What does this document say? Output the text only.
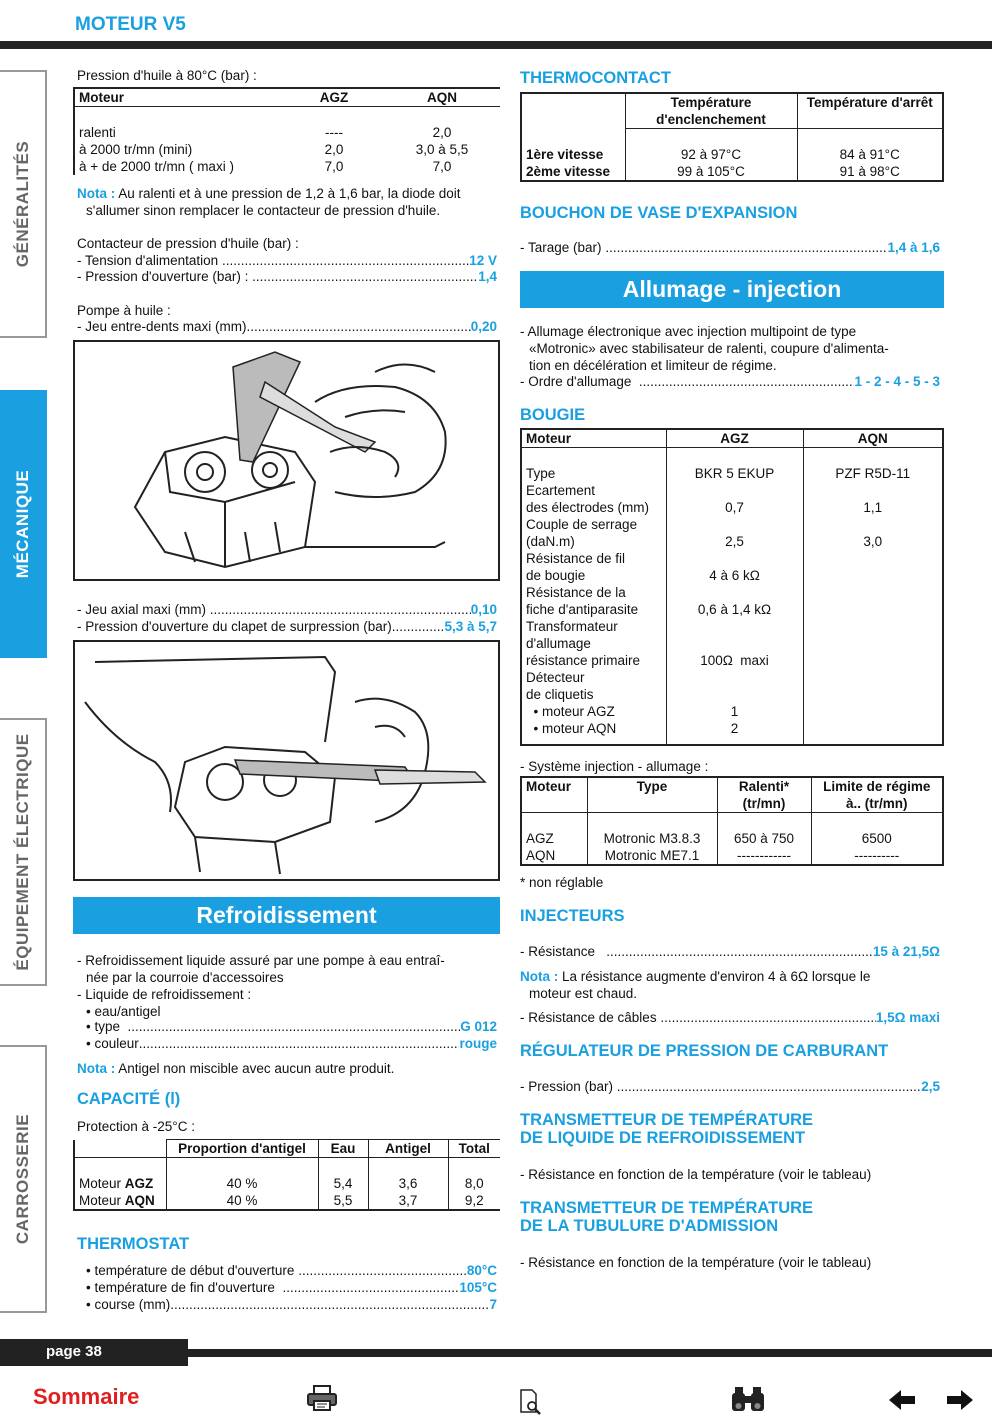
MOTEUR V5
GÉNÉRALITÉS
MÉCANIQUE
ÉQUIPEMENT ÉLECTRIQUE
CARROSSERIE
Pression d'huile à 80°C (bar) :
Moteur	AGZ	AQN

ralenti	----	2,0
à 2000 tr/mn (mini)	2,0	3,0 à 5,5
à + de 2000 tr/mn ( maxi )	7,0	7,0
Nota : Au ralenti et à une pression de 1,2 à 1,6 bar, la diode doit
s'allumer sinon remplacer le contacteur de pression d'huile.
Contacteur de pression d'huile (bar) :
- Tension d'alimentation
.....	12 V
- Pression d'ouverture (bar) :
.....	1,4
Pompe à huile :
- Jeu entre-dents maxi (mm) .....	0,20
- Jeu axial maxi (mm)
.....	0,10
- Pression d'ouverture du clapet de surpression (bar) .....	5,3 à 5,7
Refroidissement
- Refroidissement liquide assuré par une pompe à eau entraî-
née par la courroie d'accessoires
- Liquide de refroidissement :
• eau/antigel
• type
.....	G 012
• couleur .....	rouge
Nota : Antigel non miscible avec aucun autre produit.
CAPACITÉ (l)
Protection à -25°C :
	Proportion d'antigel	Eau	Antigel	Total

Moteur AGZ	40 %	5,4	3,6	8,0
Moteur AQN	40 %	5,5	3,7	9,2
THERMOSTAT
• température de début d'ouverture
.....	80°C
• température de fin d'ouverture
.....	105°C
• course (mm) .....	7
THERMOCONTACT
	Température d'enclenchement	Température d'arrêt

1ère vitesse	92 à 97°C	84 à 91°C
2ème vitesse	99 à 105°C	91 à 98°C
BOUCHON DE VASE D'EXPANSION
- Tarage (bar)
.....	1,4 à 1,6
Allumage - injection
- Allumage électronique avec injection multipoint de type
«Motronic» avec stabilisateur de ralenti, coupure d'alimenta-
tion en décélération et limiteur de régime.
- Ordre d'allumage
.....	1 - 2 - 4 - 5 - 3
BOUGIE
Moteur	AGZ	AQN

Type	BKR 5 EKUP	PZF R5D-11
Ecartement		
des électrodes (mm)	0,7	1,1
Couple de serrage		
(daN.m)	2,5	3,0
Résistance de fil		
de bougie	4 à 6 kΩ	
Résistance de la		
fiche d'antiparasite	0,6 à 1,4 kΩ	
Transformateur		
d'allumage		
résistance primaire	100Ω  maxi	
Détecteur		
de cliquetis		
• moteur AGZ	1	
• moteur AQN	2	

- Système injection - allumage :
Moteur	Type	Ralenti* (tr/mn)	Limite de régime à.. (tr/mn)

AGZ	Motronic M3.8.3	650 à 750	6500
AQN	Motronic ME7.1	------------	----------
* non réglable
INJECTEURS
- Résistance
.....	15 à 21,5Ω
Nota : La résistance augmente d'environ 4 à 6Ω lorsque le
moteur est chaud.
- Résistance de câbles
.....	1,5Ω maxi
RÉGULATEUR DE PRESSION DE CARBURANT
- Pression (bar)
.....	2,5
TRANSMETTEUR DE TEMPÉRATURE
DE LIQUIDE DE REFROIDISSEMENT
- Résistance en fonction de la température (voir le tableau)
TRANSMETTEUR DE TEMPÉRATURE
DE LA TUBULURE D'ADMISSION
- Résistance en fonction de la température (voir le tableau)
page 38
Sommaire
